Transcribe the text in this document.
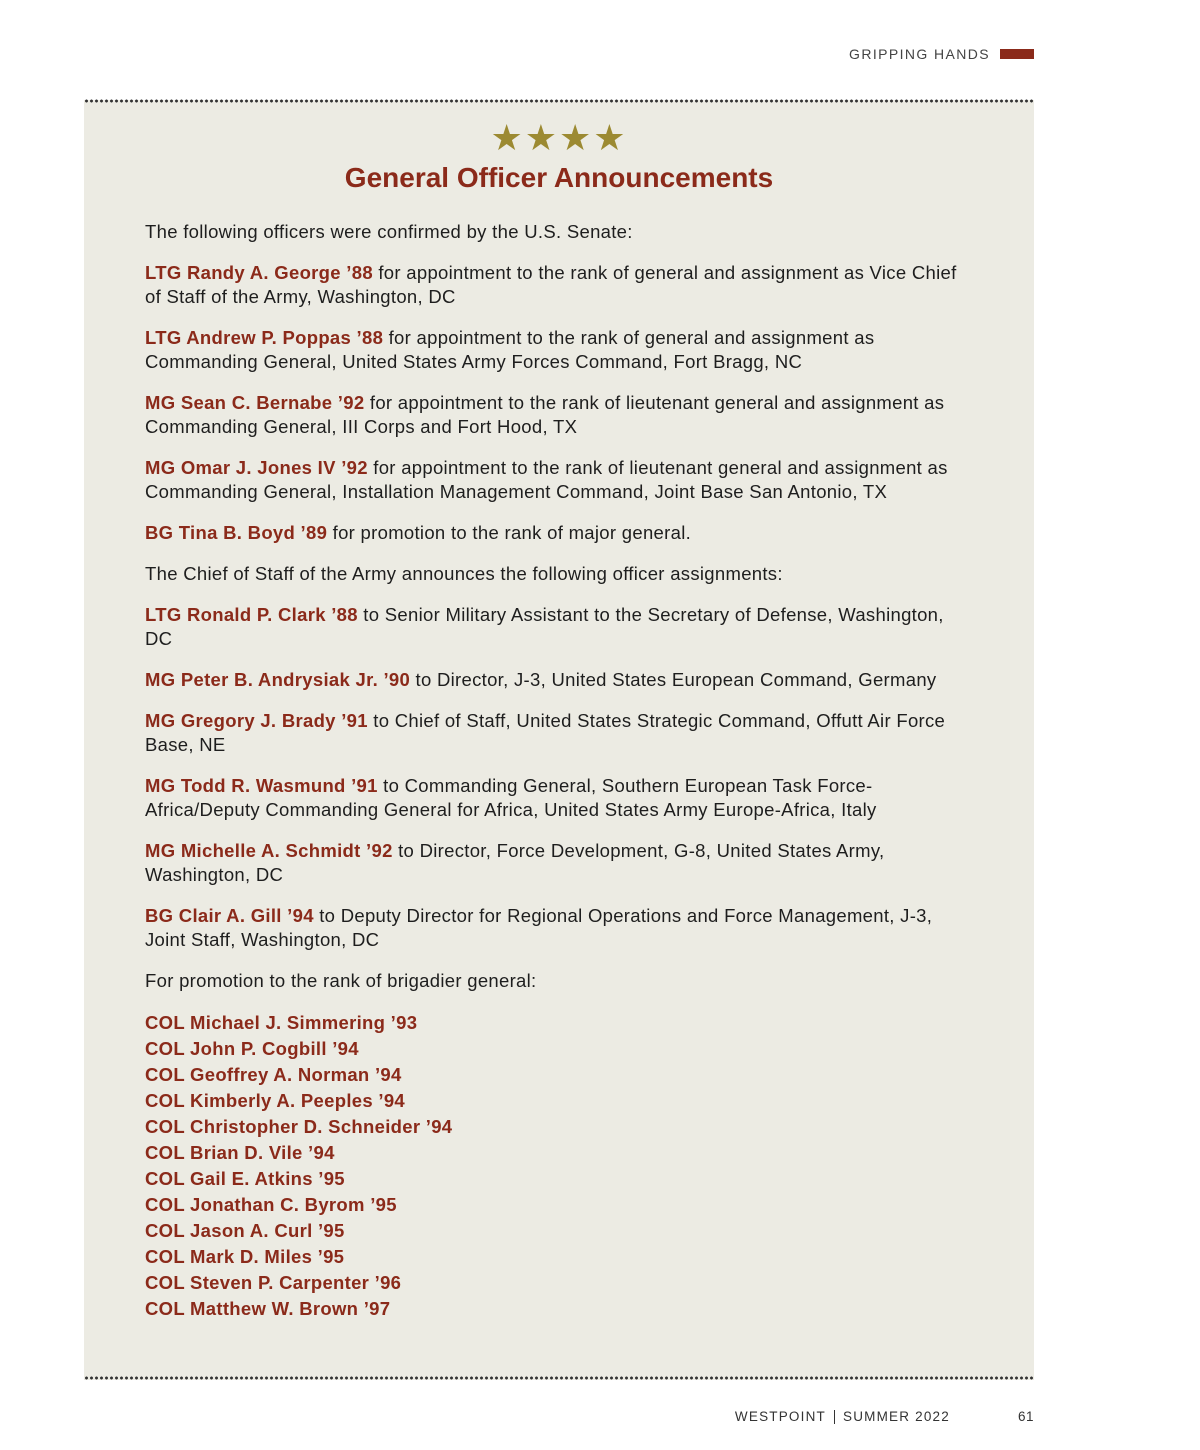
GRIPPING HANDS
★★★★
General Officer Announcements

The following officers were confirmed by the U.S. Senate:

LTG Randy A. George ’88 for appointment to the rank of general and assignment as Vice Chief of Staff of the Army, Washington, DC

LTG Andrew P. Poppas ’88 for appointment to the rank of general and assignment as Commanding General, United States Army Forces Command, Fort Bragg, NC

MG Sean C. Bernabe ’92 for appointment to the rank of lieutenant general and assignment as Commanding General, III Corps and Fort Hood, TX

MG Omar J. Jones IV ’92 for appointment to the rank of lieutenant general and assignment as Commanding General, Installation Management Command, Joint Base San Antonio, TX

BG Tina B. Boyd ’89 for promotion to the rank of major general.

The Chief of Staff of the Army announces the following officer assignments:

LTG Ronald P. Clark ’88 to Senior Military Assistant to the Secretary of Defense, Washington, DC

MG Peter B. Andrysiak Jr. ’90 to Director, J-3, United States European Command, Germany

MG Gregory J. Brady ’91 to Chief of Staff, United States Strategic Command, Offutt Air Force Base, NE

MG Todd R. Wasmund ’91 to Commanding General, Southern European Task Force-Africa/Deputy Commanding General for Africa, United States Army Europe-Africa, Italy

MG Michelle A. Schmidt ’92 to Director, Force Development, G-8, United States Army, Washington, DC

BG Clair A. Gill ’94 to Deputy Director for Regional Operations and Force Management, J-3, Joint Staff, Washington, DC

For promotion to the rank of brigadier general:

COL Michael J. Simmering ’93
COL John P. Cogbill ’94
COL Geoffrey A. Norman ’94
COL Kimberly A. Peeples ’94
COL Christopher D. Schneider ’94
COL Brian D. Vile ’94
COL Gail E. Atkins ’95
COL Jonathan C. Byrom ’95
COL Jason A. Curl ’95
COL Mark D. Miles ’95
COL Steven P. Carpenter ’96
COL Matthew W. Brown ’97
WESTPOINT SUMMER 2022	61
